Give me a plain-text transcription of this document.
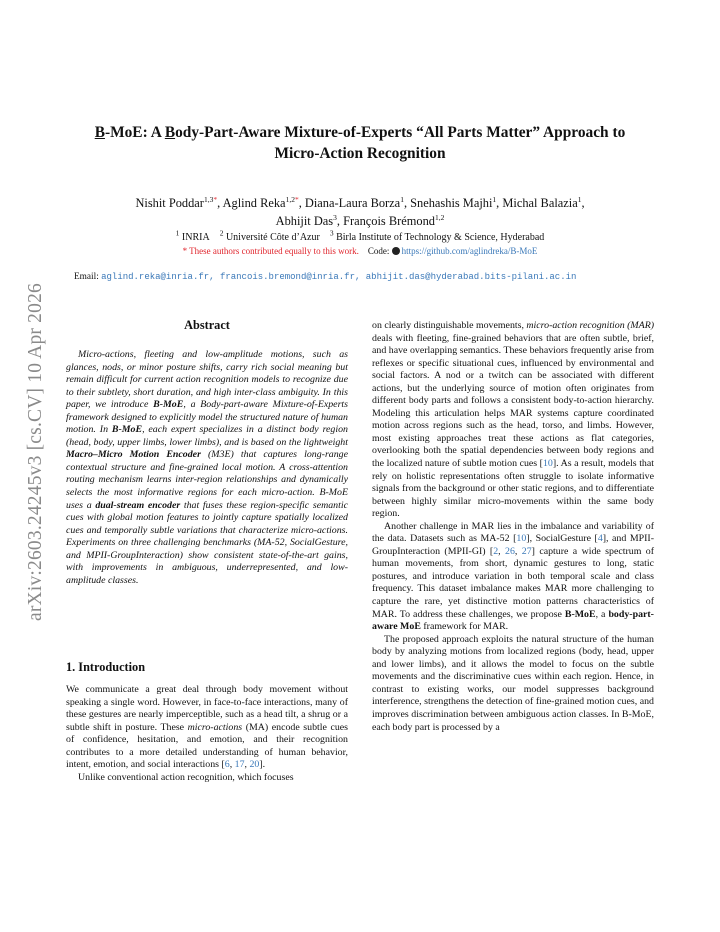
arXiv:2603.24245v3 [cs.CV] 10 Apr 2026
B-MoE: A Body-Part-Aware Mixture-of-Experts “All Parts Matter” Approach to
Micro-Action Recognition
Nishit Poddar$^{1,3*}$, Aglind Reka$^{1,2*}$, Diana-Laura Borza$^1$, Snehashis Majhi$^1$, Michal Balazia$^1$,
Abhijit Das$^3$, François Brémond$^{1,2}$
$^1$ INRIA $^2$ Université Côte d’Azur $^3$ Birla Institute of Technology & Science, Hyderabad
* These authors contributed equally to this work. Code: https://github.com/aglindreka/B-MoE
Email: aglind.reka@inria.fr, francois.bremond@inria.fr, abhijit.das@hyderabad.bits-pilani.ac.in
Abstract

Micro-actions, fleeting and low-amplitude motions, such as glances, nods, or minor posture shifts, carry rich social meaning but remain difficult for current action recognition models to recognize due to their subtlety, short duration, and high inter-class ambiguity. In this paper, we introduce B-MoE, a Body-part-aware Mixture-of-Experts framework designed to explicitly model the structured nature of human motion. In B-MoE, each expert specializes in a distinct body region (head, body, upper limbs, lower limbs), and is based on the lightweight Macro–Micro Motion Encoder (M3E) that captures long-range contextual structure and fine-grained local motion. A cross-attention routing mechanism learns inter-region relationships and dynamically selects the most informative regions for each micro-action. B-MoE uses a dual-stream encoder that fuses these region-specific semantic cues with global motion features to jointly capture spatially localized cues and temporally subtle variations that characterize micro-actions. Experiments on three challenging benchmarks (MA-52, SocialGesture, and MPII-GroupInteraction) show consistent state-of-the-art gains, with improvements in ambiguous, underrepresented, and low-amplitude classes.

1. Introduction

We communicate a great deal through body movement without speaking a single word. However, in face-to-face interactions, many of these gestures are nearly imperceptible, such as a head tilt, a shrug or a subtle shift in posture. These micro-actions (MA) encode subtle cues of confidence, hesitation, and emotion, and their recognition contributes to a more detailed understanding of human behavior, intent, emotion, and social interactions [6, 17, 20].

Unlike conventional action recognition, which focuses

on clearly distinguishable movements, micro-action recognition (MAR) deals with fleeting, fine-grained behaviors that are often subtle, brief, and have overlapping semantics. These behaviors frequently arise from reflexes or specific situational cues, influenced by environmental and social factors. A nod or a twitch can be associated with different actions, but the underlying source of motion often originates from different body parts and follows a consistent body-to-action hierarchy. Modeling this articulation helps MAR systems capture coordinated motion across regions such as the head, torso, and limbs. However, most existing approaches treat these actions as flat categories, overlooking both the spatial dependencies between body regions and the localized nature of subtle motion cues [10]. As a result, models that rely on holistic representations often struggle to isolate informative signals from the background or other static regions, and to differentiate between highly similar micro-movements within the same body region.

Another challenge in MAR lies in the imbalance and variability of the data. Datasets such as MA-52 [10], SocialGesture [4], and MPII-GroupInteraction (MPII-GI) [2, 26, 27] capture a wide spectrum of human movements, from short, dynamic gestures to long, static postures, and introduce variation in both temporal scale and class frequency. This dataset imbalance makes MAR more challenging to capture the rare, yet distinctive motion patterns characteristics of MAR. To address these challenges, we propose B-MoE, a body-part-aware MoE framework for MAR.

The proposed approach exploits the natural structure of the human body by analyzing motions from localized regions (body, head, upper and lower limbs), and it allows the model to focus on the subtle movements and the discriminative cues within each region. Hence, in contrast to existing works, our model suppresses background interference, strengthens the detection of fine-grained motion cues, and improves discrimination between ambiguous action classes. In B-MoE, each body part is processed by a
